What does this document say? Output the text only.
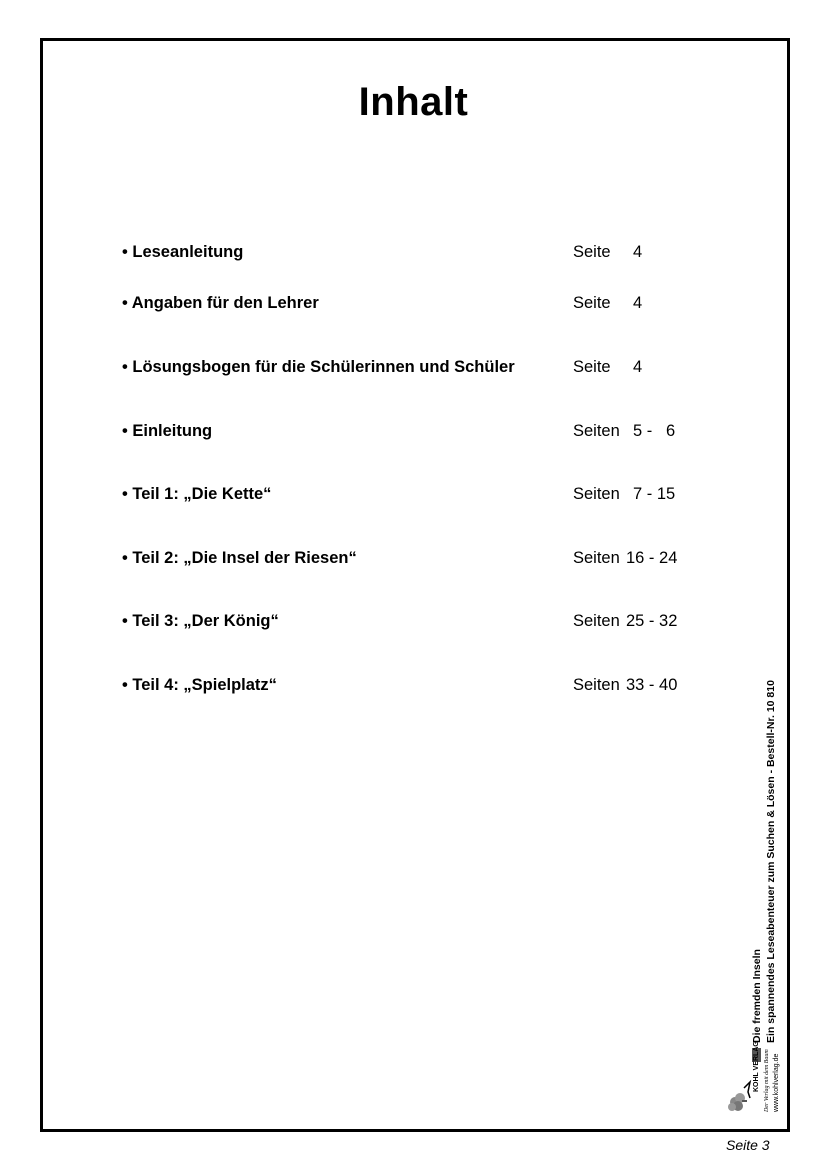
Inhalt
• Leseanleitung	Seite 4
• Angaben für den Lehrer	Seite 4
• Lösungsbogen für die Schülerinnen und Schüler	Seite 4
• Einleitung	Seiten 5 -   6
• Teil 1: „Die Kette“	Seiten 7 - 15
• Teil 2: „Die Insel der Riesen“	Seiten 16 - 24
• Teil 3: „Der König“	Seiten 25 - 32
• Teil 4: „Spielplatz“	Seiten 33 - 40
Die fremden Inseln Ein spannendes Leseabenteuer zum Suchen & Lösen - Bestell-Nr. 10 810
KOHL VERLAG Der Verlag mit dem Baum www.kohlverlag.de
Seite 3
